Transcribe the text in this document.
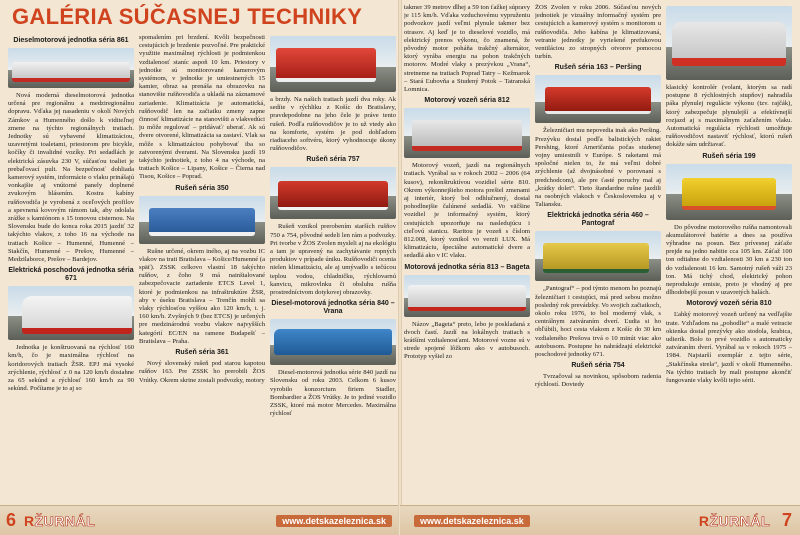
GALÉRIA SÚČASNEJ TECHNIKY
Dieselmotorová jednotka séria 861
Nová moderná dieselmotorová jednotka určená pre regionálnu a medziregionálnu dopravu. Vďaka jej nasadeniu v okolí Nových Zámkov a Humenného došlo k viditeľnej zmene na týchto regionálnych tratiach. Jednotky sú vybavené klimatizáciou, uzavretými toaletami, priestorom pre bicykle, kočíky či invalidné vozíky. Pri sedadlách je elektrická zásuvka 230 V, súčasťou toaliet je prebaľovací pult. Na bezpečnosť dohliada kamerový systém, informácie o vlaku prinášajú vonkajšie aj vnútorné panely doplnené zvukovým hlásením. Kostra kabíny rušňovodiča je vyrobená z oceľových profilov a spevnená kovovým rámom tak, aby odolala zrážke s kamiónom s 15 tonovou cisternou. Na Slovensku bude do konca roka 2015 jazdiť 32 takýchto vlakov, z toho 16 na východe na tratiach Košice – Humenné, Humenné – Stakčín, Humenné – Prešov, Humenné – Medzilaborce, Prešov – Bardejov.
Elektrická poschodová jednotka séria 671
Jednotka je konštruovaná na rýchlosť 160 km/h, čo je maximálna rýchlosť na koridorových tratiach ŽSR. EPJ má vysoké zrýchlenie, rýchlosť z 0 na 120 km/h dosiahne za 65 sekúnd a rýchlosť 160 km/h za 90 sekúnd. Počítame je to aj so
spomalením pri brzdení. Kvôli bezpečnosti cestujúcich je brzdenie pozvoľné. Pre praktické využitie maximálnej rýchlosti je podmienkou vzdialenosť staníc aspoň 10 km. Priestory v jednotke sú monitorované kamerovým systémom, v jednotke je umiestnených 15 kamier, obraz sa prenáša na obrazovku na stanovište rušňovodiča a ukladá na záznamové zariadenie. Klimatizácia je automatická, rušňovodič len na začiatku zmeny zapne činnosť klimatizácie na stanovišti a vlakvedúci ju môže regulovať – pridávať/ uberať. Ak sú dvere otvorené, klimatizácia sa zastaví. Vlak sa môže s klimatizáciou pohybovať iba so zatvorenými dverami. Na Slovensku jazdí 19 takýchto jednotiek, z toho 4 na východe, na tratiach Košice – Lipany, Košice – Čierna nad Tisou, Košice – Poprad.
Rušeň séria 350
Rušne určené, okrem iného, aj na vozbu IC vlakov na trati Bratislava – Košice/Humenné (a späť). ZSSK celkovo vlastní 18 takýchto rušňov, z čoho 9 má nainštalované zabezpečovacie zariadenie ETCS Level 1, ktoré je podmienkou na infraštruktúre ŽSR, aby v úseku Bratislava – Trenčín mohli sa vlaky rýchlosťou vyššou ako 120 km/h, t. j. 160 km/h. Zvyšných 9 (bez ETCS) je určených pre medzinárodnú vozbu vlakov najvyšších kategórií EC/EN na ramene Budapešť – Bratislava – Praha.
Rušeň séria 361
Nový slovenský rušeň pod starou kapotou rušňov 163. Pre ZSSK ho prerobili ŽOS Vrútky. Okrem skrine zostali podvozky, motory
a brzdy. Na našich tratiach jazdí dva roky. Ak sedíte v rýchliku z Košíc do Bratislavy, pravdepodobne na jeho čele je práve tento rušeň. Podľa rušňovodičov je to už vtedy ako na komforte, systém je pod dohľadom riadiaceho softvéru, ktorý vyhodnocuje úkony rušňovodičov.
Rušeň séria 757
Rušeň vznikol prerobením starších rušňov 750 a 754, pôvodné sedeli len rám a podvozky. Pri tvorbe v ŽOS Zvolen mysleli aj na ekológiu a tam je upravený na zachytávanie ropných produktov v prípade úniku. Rušňovodiči ocenia nielen klimatizáciu, ale aj umývadlo s tečúcou teplou vodou, chladničku, rýchlovarnú kanvicu, mikrovlnku či obsluhu rušňa prostredníctvom dotykovej obrazovky.
Diesel-motorová jednotka séria 840 – Vrana
Diesel-motorová jednotka série 840 jazdí na Slovensku od roku 2003. Celkom 6 kusov vyrobilo konzorcium firiem Stadler, Bombardier a ŽOS Vrútky. Je to jediné vozidlo ZSSK, ktoré má motor Mercedes. Maximálna rýchlosť
6 RŽURNÁL	www.detskazeleznica.sk
takmer 39 metrov dlhej a 59 ton ťažkej súpravy je 115 km/h. Vďaka vzduchovému vypruženiu podvozkov jazdí veľmi plynule takmer bez otrasov. Aj keď je to dieselové vozidlo, má elektrický prenos výkonu, čo znamená, že pôvodný motor poháňa trakčný alternátor, ktorý vyrába energiu na pohon trakčných motorov. Modré vlaky s prezývkou „Vrana“, stretneme na tratiach Poprad Tatry – Kežmarok – Stará Ľubovňa a Studený Potok – Tatranská Lomnica.
Motorový vozeň séria 812
Motorový vozeň, jazdí na regionálnych tratiach. Vyrábal sa v rokoch 2002 – 2006 (64 kusov), rekonštruktívou vozidiel série 810. Okrem výkonnejšieho motora prešiel zmenami aj interiér, ktorý bol odhlučnený, dostal pohodlnejšie čalúnené sedadlá. Vo väčšine vozidiel je informačný systém, ktorý cestujúcich upozorňuje na nasledujúcu i cieľovú stanicu. Raritou je vozeň s číslom 812.008, ktorý vznikol vo verzii LUX. Má klimatizáciu, špeciálne automatické dvere a sedadlá ako v IC vlaku.
Motorová jednotka séria 813 – Bageta
Názov „Bageta“ preto, lebo je poskladaná z dvoch častí. Jazdí na lokálnych tratiach s krátšími vzdialenosťami. Motorové vozne sú v strede spojené lôžkom ako v autobusoch. Prototyp vyšiel zo
ŽOS Zvolen v roku 2006. Súčasťou nových jednotiek je vizuálny informačný systém pre cestujúcich a kamerový systém s monitorom u rušňovodiča. Jeho kabína je klimatizovaná, vetranie jednotky je vyriešené prefukovou ventiláciou zo stropných otvorov pomocou turbín.
Rušeň séria 163 – Peršing
Železničiari mu nepovedia inak ako Peršing. Prezývku dostal podľa balistických rakiet Pershing, ktoré Američania počas studenej vojny umiestnili v Európe. S raketami má spoločné nielen to, že má veľmi dobré zrýchlenie (až dvojnásobné v porovnaní s predchodcom), ale pre ťasté poruchy mal aj „krátky dolet“. Tieto štandardne rušne jazdili na osobných vlakoch v Československu aj v Taliansku.
Elektrická jednotka séria 460 – Pantograf
„Pantograf“ – pod týmto menom ho poznajú železničiari i cestujúci, má pred sebou možno posledný rok prevádzky. Vo svojich začiatkoch, okolo roku 1976, to bol moderný vlak, s centrálnym zatváraním dverí. Ľudia si ho obľúbili, hoci cesta vlakom z Košíc do 30 km vzdialeného Prešova trvá o 10 minút viac ako autobusom. Postupne ho nahrádzajú elektrické poschodové jednotky 671.
Rušeň séria 754
Tvrzačoval sa novinkou, spôsobom radenia rýchlostí. Dovtedy
klasický kontrolér (volant, ktorým sa radí postupne 8 rýchlostných stupňov) nahradila páka plynulej regulácie výkonu (tzv. rajčák), ktorý zabezpečuje plynulejší a efektívnejší rozjazd aj s maximálnym zaťažením vlaku. Automatická regulácia rýchlosti umožňuje rušňovodičovi nastaviť rýchlosť, ktorú rušeň dokáže sám udržiavať.
Rušeň séria 199
Do pôvodne motorového rušňa namontovali akumulátorové batérie a dnes sa používa výhradne na posun. Bez prívesnej záťaže prejde na jedno nabitie cca 105 km. Záťaž 100 ton odtiahne do vzdialenosti 30 km a 230 ton do vzdialenosti 16 km. Samotný rušeň váži 23 ton. Má tichý chod, elektrický pohon neprodukuje emisie, preto je vhodný aj pre dlhodobejší posun v uzavretých halách.
Motorový vozeň séria 810
Ľahký motorový vozeň určený na vedľajšie trate. Vzhľadom na „pohodlie“ a malé vetracie okienka dostal prezývky ako stodola, krabica, udierik. Bolo to prvé vozidlo s automaticky zatváraním dverí. Vyrábal sa v rokoch 1975 – 1984. Najstarší exemplár z tejto série, „Stakčínska strela“, jazdí v okolí Humenného. Na týchto tratiach by mali postupne akončiť fungovanie vlaky kvôli tejto sérii.
www.detskazeleznica.sk	RŽURNÁL 7
